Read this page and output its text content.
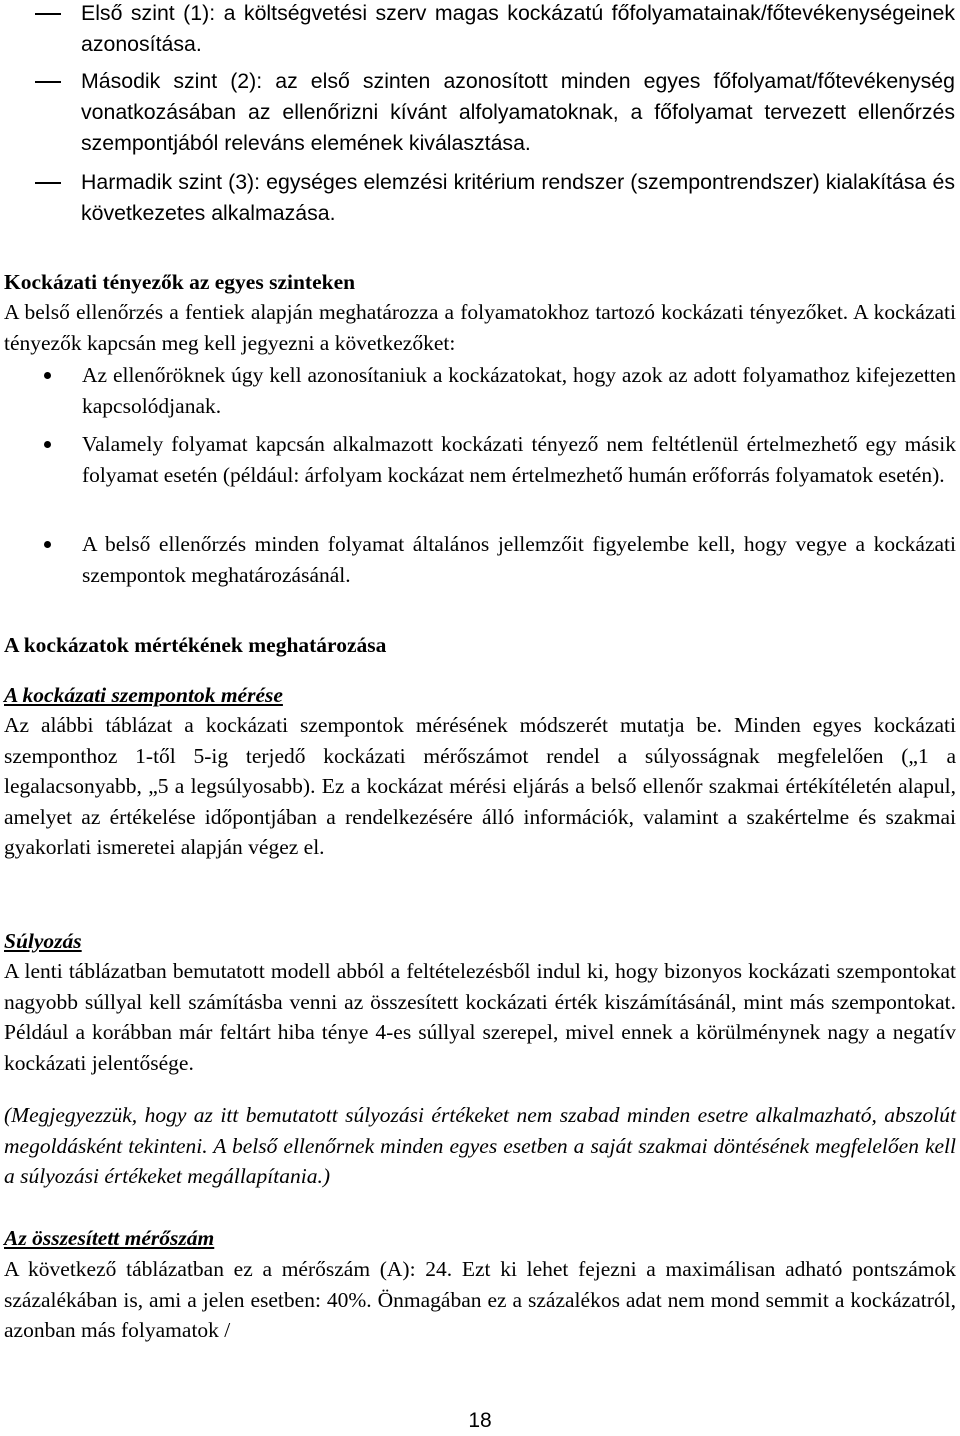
Első szint (1): a költségvetési szerv magas kockázatú főfolyamatainak/főtevékenységeinek azonosítása.
Második szint (2): az első szinten azonosított minden egyes főfolyamat/főtevékenység vonatkozásában az ellenőrizni kívánt alfolyamatoknak, a főfolyamat tervezett ellenőrzés szempontjából releváns elemének kiválasztása.
Harmadik szint (3): egységes elemzési kritérium rendszer (szempontrendszer) kialakítása és következetes alkalmazása.
Kockázati tényezők az egyes szinteken
A belső ellenőrzés a fentiek alapján meghatározza a folyamatokhoz tartozó kockázati tényezőket. A kockázati tényezők kapcsán meg kell jegyezni a következőket:
Az ellenőröknek úgy kell azonosítaniuk a kockázatokat, hogy azok az adott folyamathoz kifejezetten kapcsolódjanak.
Valamely folyamat kapcsán alkalmazott kockázati tényező nem feltétlenül értelmezhető egy másik folyamat esetén (például: árfolyam kockázat nem értelmezhető humán erőforrás folyamatok esetén).
A belső ellenőrzés minden folyamat általános jellemzőit figyelembe kell, hogy vegye a kockázati szempontok meghatározásánál.
A kockázatok mértékének meghatározása
A kockázati szempontok mérése
Az alábbi táblázat a kockázati szempontok mérésének módszerét mutatja be. Minden egyes kockázati szemponthoz 1-től 5-ig terjedő kockázati mérőszámot rendel a súlyosságnak megfelelően („1 a legalacsonyabb, „5 a legsúlyosabb). Ez a kockázat mérési eljárás a belső ellenőr szakmai értékítéletén alapul, amelyet az értékelése időpontjában a rendelkezésére álló információk, valamint a szakértelme és szakmai gyakorlati ismeretei alapján végez el.
Súlyozás
A lenti táblázatban bemutatott modell abból a feltételezésből indul ki, hogy bizonyos kockázati szempontokat nagyobb súllyal kell számításba venni az összesített kockázati érték kiszámításánál, mint más szempontokat. Például a korábban már feltárt hiba ténye 4-es súllyal szerepel, mivel ennek a körülménynek nagy a negatív kockázati jelentősége.
(Megjegyezzük, hogy az itt bemutatott súlyozási értékeket nem szabad minden esetre alkalmazható, abszolút megoldásként tekinteni. A belső ellenőrnek minden egyes esetben a saját szakmai döntésének megfelelően kell a súlyozási értékeket megállapítania.)
Az összesített mérőszám
A következő táblázatban ez a mérőszám (A): 24. Ezt ki lehet fejezni a maximálisan adható pontszámok százalékában is, ami a jelen esetben: 40%. Önmagában ez a százalékos adat nem mond semmit a kockázatról, azonban más folyamatok /
18
